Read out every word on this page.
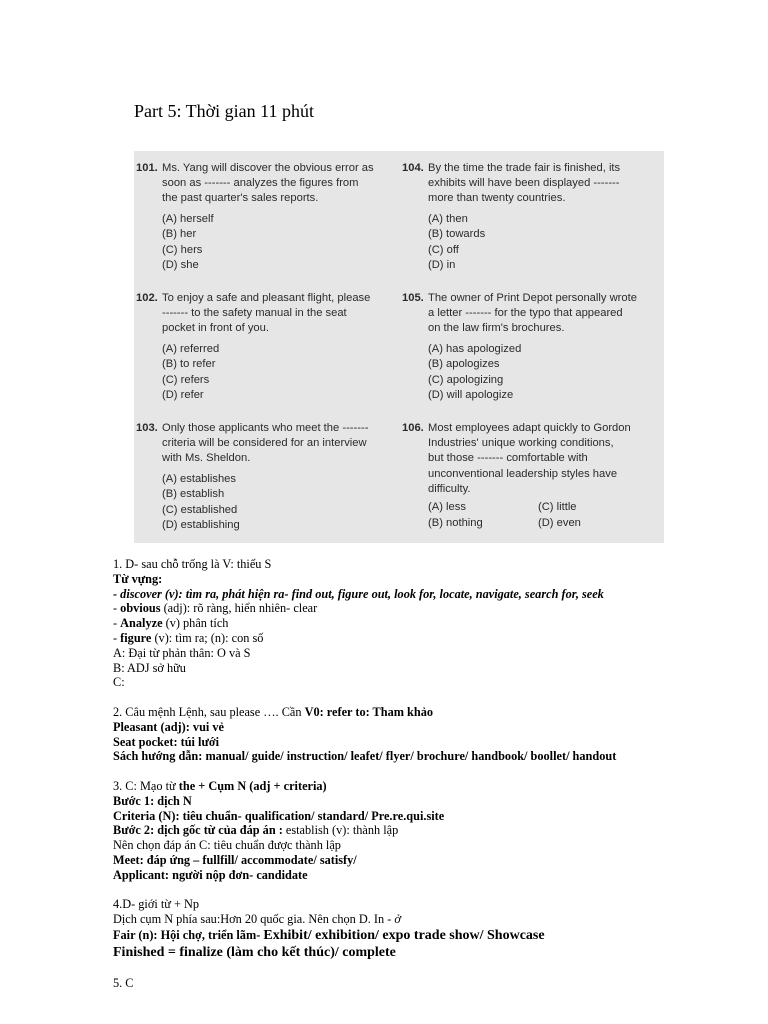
Part 5: Thời gian 11 phút
101. Ms. Yang will discover the obvious error as
soon as ------- analyzes the figures from
the past quarter's sales reports.
(A) herself
(B) her
(C) hers
(D) she
102. To enjoy a safe and pleasant flight, please
------- to the safety manual in the seat
pocket in front of you.
(A) referred
(B) to refer
(C) refers
(D) refer
103. Only those applicants who meet the -------
criteria will be considered for an interview
with Ms. Sheldon.
(A) establishes
(B) establish
(C) established
(D) establishing
104. By the time the trade fair is finished, its
exhibits will have been displayed -------
more than twenty countries.
(A) then
(B) towards
(C) off
(D) in
105. The owner of Print Depot personally wrote
a letter ------- for the typo that appeared
on the law firm's brochures.
(A) has apologized
(B) apologizes
(C) apologizing
(D) will apologize
106. Most employees adapt quickly to Gordon
Industries' unique working conditions,
but those ------- comfortable with
unconventional leadership styles have
difficulty.
(A) less	(C) little
(B) nothing	(D) even

1. D- sau chỗ trống là V: thiếu S

Từ vựng:

- discover (v): tìm ra, phát hiện ra- find out, figure out, look for, locate, navigate, search for, seek

- obvious (adj): rõ ràng, hiển nhiên- clear

- Analyze (v) phân tích

- figure (v): tìm ra; (n): con số

A: Đại từ phản thân: O và S

B: ADJ sở hữu

C:

2. Câu mệnh Lệnh, sau please …. Cần V0: refer to: Tham khảo

Pleasant (adj): vui vẻ

Seat pocket: túi lưới

Sách hướng dẫn: manual/ guide/ instruction/ leafet/ flyer/ brochure/ handbook/ boollet/ handout

3. C: Mạo từ the + Cụm N (adj + criteria)

Bước 1: dịch N

Criteria (N): tiêu chuẩn- qualification/ standard/ Pre.re.qui.site

Bước 2: dịch gốc từ của đáp án : establish (v): thành lập

Nên chọn đáp án C: tiêu chuẩn được thành lập

Meet: đáp ứng – fullfill/ accommodate/ satisfy/

Applicant: người nộp đơn- candidate

4.D- giới từ + Np

Dịch cụm N phía sau:Hơn 20 quốc gia. Nên chọn D. In - ở

Fair (n): Hội chợ, triển lãm- Exhibit/ exhibition/ expo trade show/ Showcase

Finished = finalize (làm cho kết thúc)/ complete

5. C
